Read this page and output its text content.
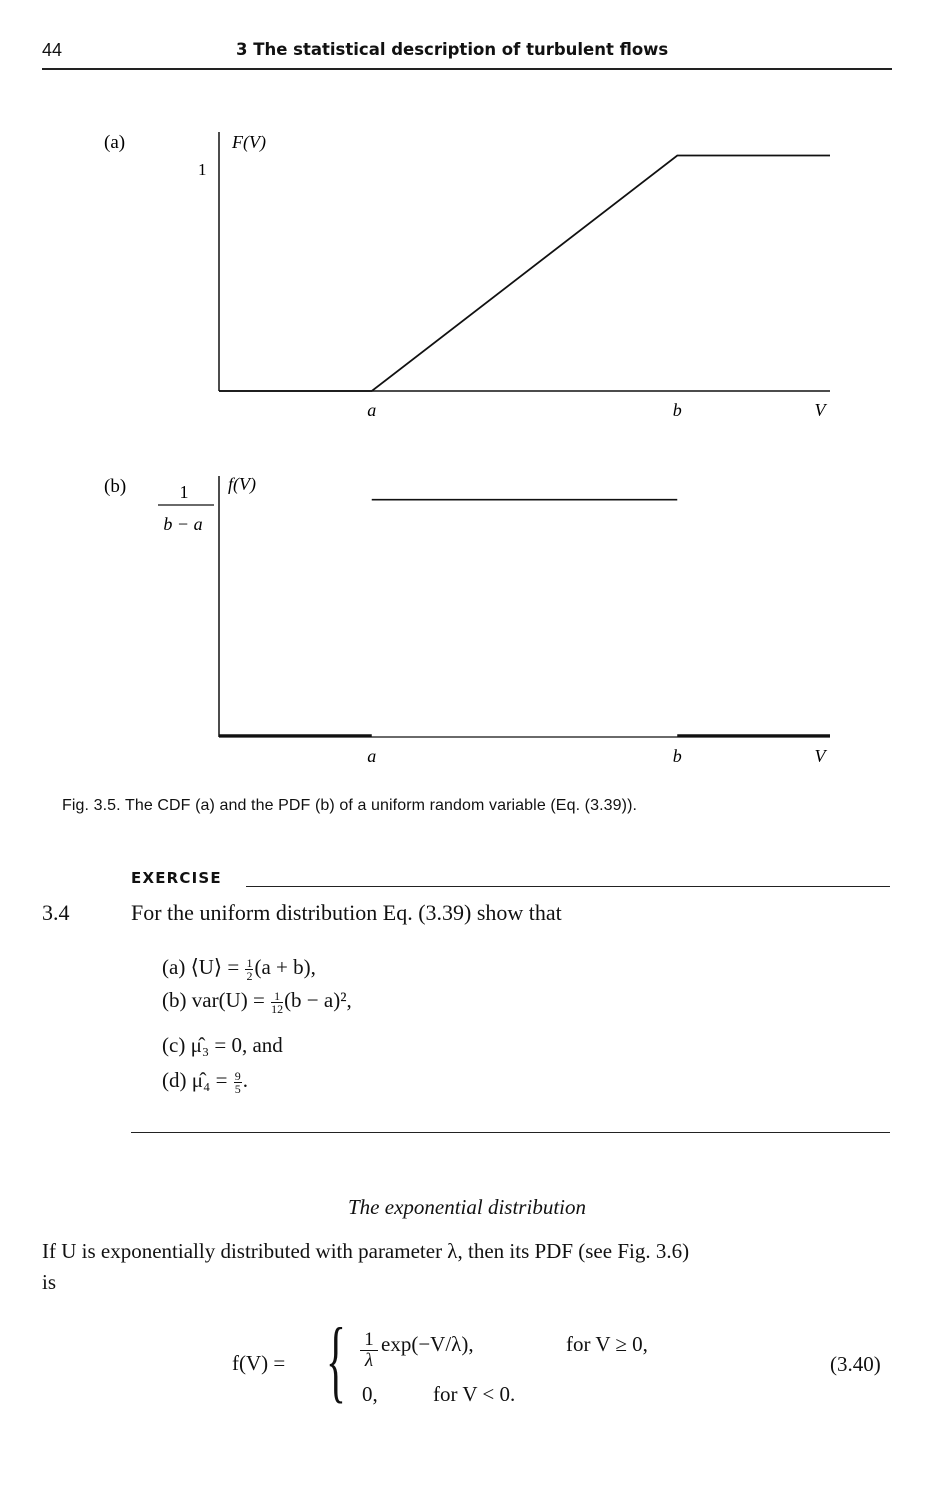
44	3 The statistical description of turbulent flows
(a)	F(V)
1
a	b	V
(b)	f(V)
1
b − a
a	b	V
Fig. 3.5. The CDF (a) and the PDF (b) of a uniform random variable (Eq. (3.39)).
EXERCISE
3.4	For the uniform distribution Eq. (3.39) show that
(a) ⟨U⟩ = $\frac{1}{2} (a + b)$,
(b) $var(U) = \frac{1}{12} (b - a)^2$,
(c) μ̂₃ = 0, and
(d) μ̂₄ = $\frac{9}{5}$ .
The exponential distribution
If U is exponentially distributed with parameter λ, then its PDF (see Fig. 3.6)
is
f(V) = { $\frac{1}{\lambda} \exp(-V/\lambda)$,	for V ≥ 0,
0,	for V < 0.
(3.40)
